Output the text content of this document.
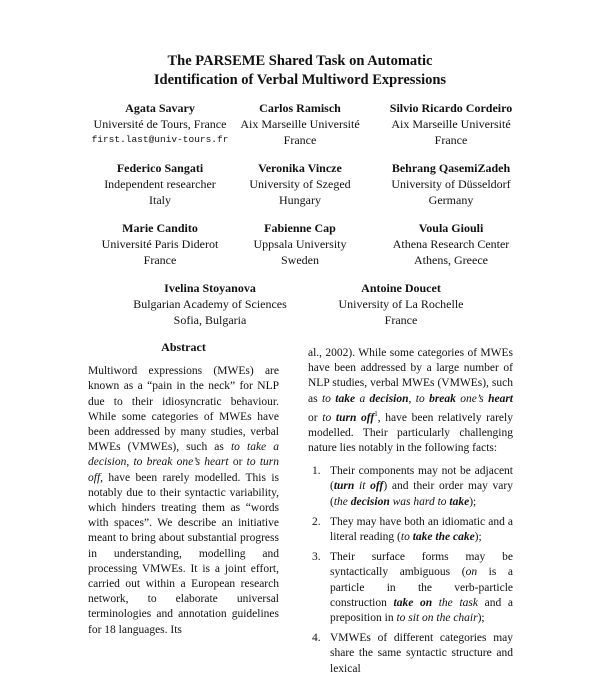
The PARSEME Shared Task on Automatic
Identification of Verbal Multiword Expressions
Agata Savary
Université de Tours, France
first.last@univ-tours.fr
Carlos Ramisch
Aix Marseille Université
France
Silvio Ricardo Cordeiro
Aix Marseille Université
France
Federico Sangati
Independent researcher
Italy
Veronika Vincze
University of Szeged
Hungary
Behrang QasemiZadeh
University of Düsseldorf
Germany
Marie Candito
Université Paris Diderot
France
Fabienne Cap
Uppsala University
Sweden
Voula Giouli
Athena Research Center
Athens, Greece
Ivelina Stoyanova
Bulgarian Academy of Sciences
Sofia, Bulgaria
Antoine Doucet
University of La Rochelle
France
Abstract

Multiword expressions (MWEs) are known as a “pain in the neck” for NLP due to their idiosyncratic behaviour. While some categories of MWEs have been addressed by many studies, verbal MWEs (VMWEs), such as to take a decision, to break one’s heart or to turn off, have been rarely modelled. This is notably due to their syntactic variability, which hinders treating them as “words with spaces”. We describe an initiative meant to bring about substantial progress in understanding, modelling and processing VMWEs. It is a joint effort, carried out within a European research network, to elaborate universal terminologies and annotation guidelines for 18 languages. Its

al., 2002). While some categories of MWEs have been addressed by a large number of NLP studies, verbal MWEs (VMWEs), such as to take a decision, to break one’s heart or to turn off$^1$, have been relatively rarely modelled. Their particularly challenging nature lies notably in the following facts:

1. Their components may not be adjacent (turn it off) and their order may vary (the decision was hard to take);
2. They may have both an idiomatic and a literal reading (to take the cake);
3. Their surface forms may be syntactically ambiguous (on is a particle in the verb-particle construction take on the task and a preposition in to sit on the chair);
4. VMWEs of different categories may share the same syntactic structure and lexical
